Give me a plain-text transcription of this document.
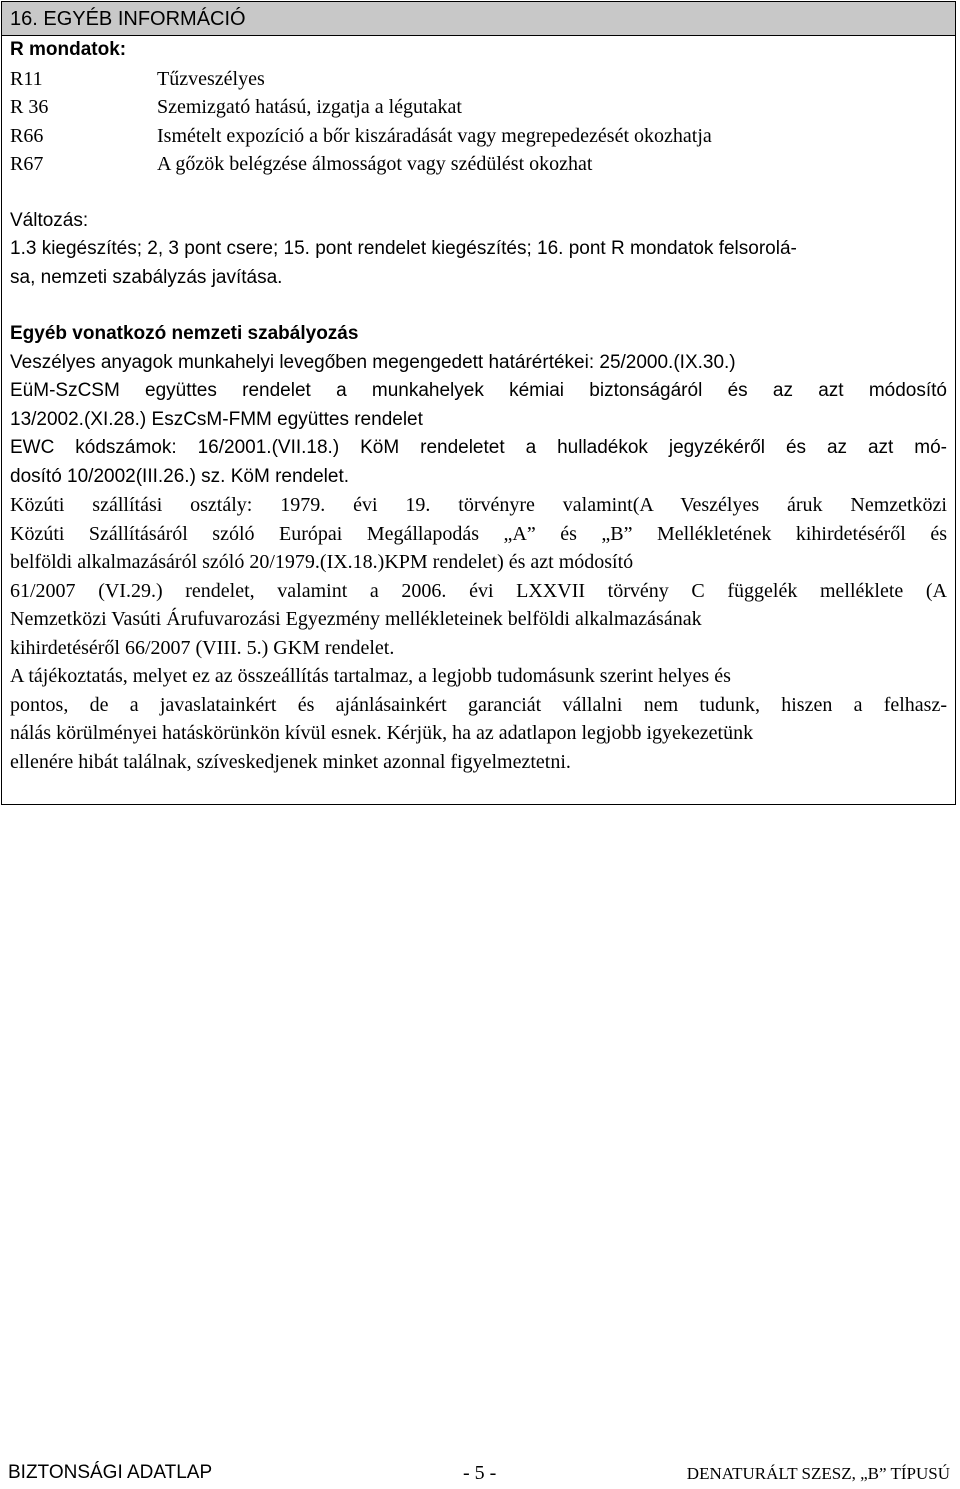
16. EGYÉB INFORMÁCIÓ
R mondatok:
R11	Tűzveszélyes
R 36	Szemizgató hatású, izgatja a légutakat
R66	Ismételt expozíció a bőr kiszáradását vagy megrepedezését okozhatja
R67	A gőzök belégzése álmosságot vagy szédülést okozhat
Változás:
1.3 kiegészítés; 2, 3 pont csere; 15. pont rendelet kiegészítés; 16. pont R mondatok felsorolá-
sa, nemzeti szabályzás javítása.
Egyéb vonatkozó nemzeti szabályozás
Veszélyes anyagok munkahelyi levegőben megengedett határértékei: 25/2000.(IX.30.)
EüM-SzCSM együttes rendelet a munkahelyek kémiai biztonságáról és az azt módosító
13/2002.(XI.28.) EszCsM-FMM együttes rendelet
EWC kódszámok: 16/2001.(VII.18.) KöM rendeletet a hulladékok jegyzékéről és az azt mó-
dosító 10/2002(III.26.) sz. KöM rendelet.
Közúti szállítási osztály: 1979. évi 19. törvényre valamint(A Veszélyes áruk Nemzetközi
Közúti Szállításáról szóló Európai Megállapodás „A” és „B” Mellékletének kihirdetéséről és
belföldi alkalmazásáról szóló 20/1979.(IX.18.)KPM rendelet) és azt módosító
61/2007 (VI.29.) rendelet, valamint a 2006. évi LXXVII törvény C függelék melléklete (A
Nemzetközi Vasúti Árufuvarozási Egyezmény mellékleteinek belföldi alkalmazásának
kihirdetéséről 66/2007 (VIII. 5.) GKM rendelet.
A tájékoztatás, melyet ez az összeállítás tartalmaz, a legjobb tudomásunk szerint helyes és
pontos, de a javaslatainkért és ajánlásainkért garanciát vállalni nem tudunk, hiszen a felhasz-
nálás körülményei hatáskörünkön kívül esnek. Kérjük, ha az adatlapon legjobb igyekezetünk
ellenére hibát találnak, szíveskedjenek minket azonnal figyelmeztetni.
BIZTONSÁGI ADATLAP	- 5 -	DENATURÁLT SZESZ, „B” TÍPUSÚ
